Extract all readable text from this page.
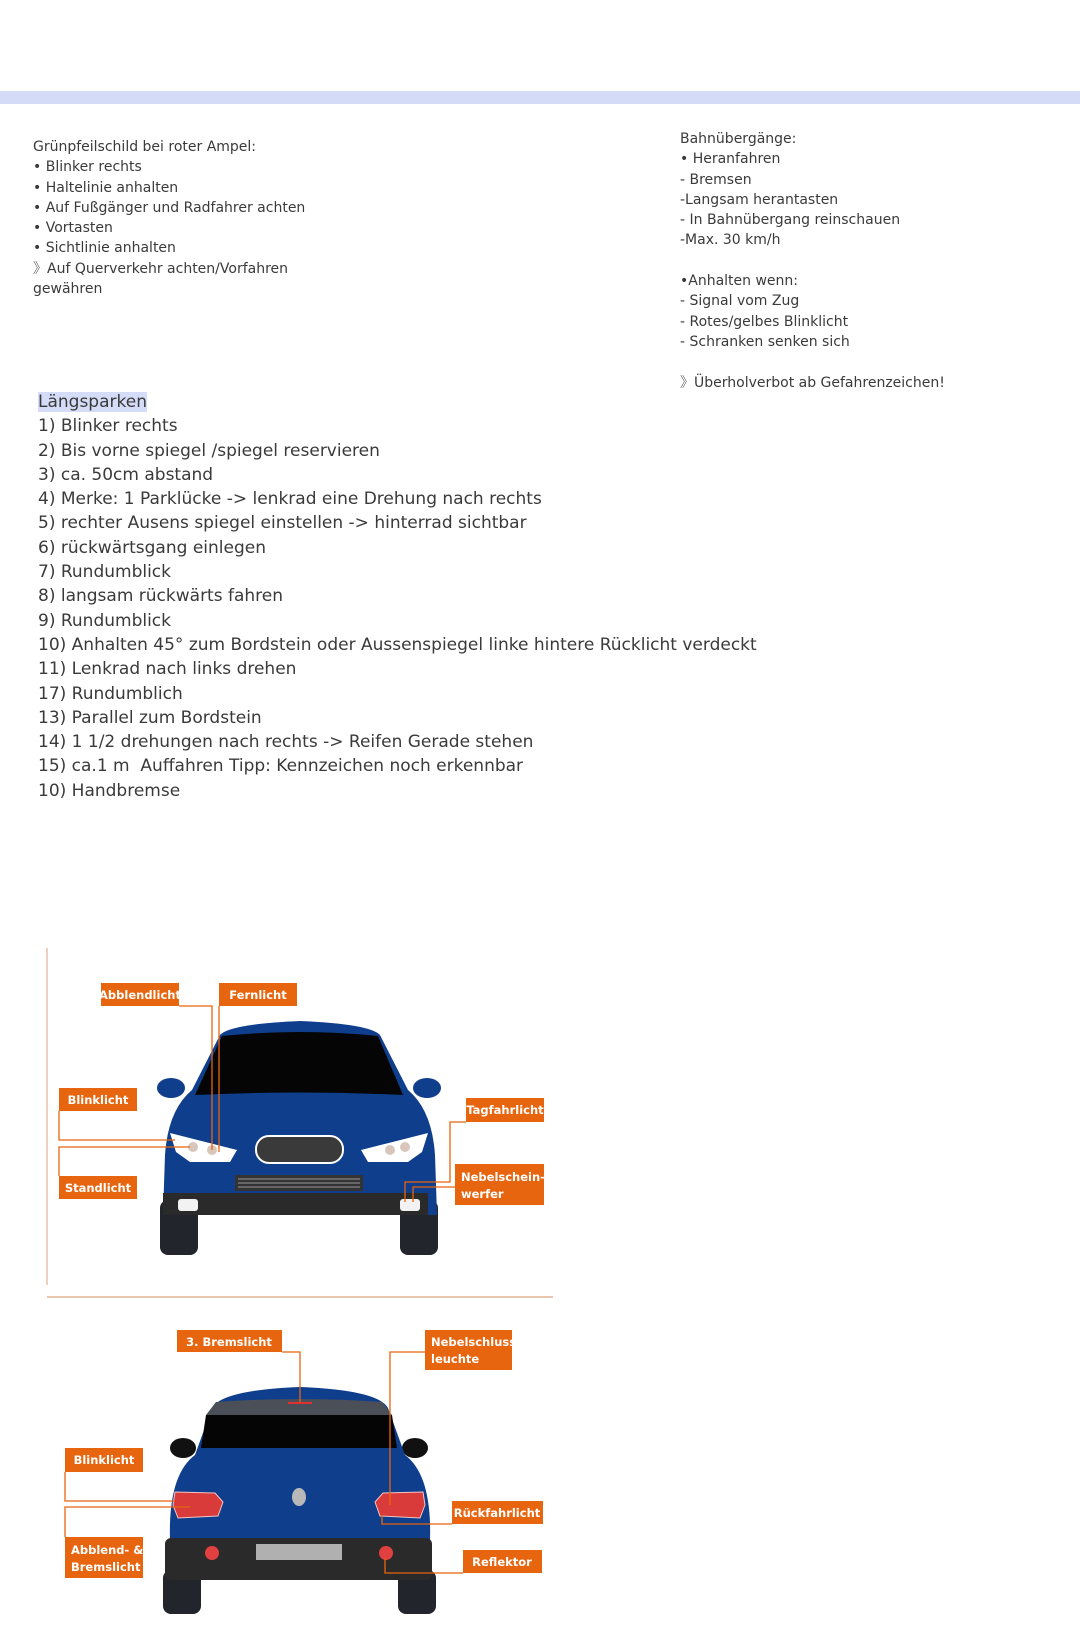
Grünpfeilschild bei roter Ampel:
• Blinker rechts
• Haltelinie anhalten
• Auf Fußgänger und Radfahrer achten
• Vortasten
• Sichtlinie anhalten
》Auf Querverkehr achten/Vorfahren
gewähren
Bahnübergänge:
• Heranfahren
- Bremsen
-Langsam herantasten
- In Bahnübergang reinschauen
-Max. 30 km/h
•Anhalten wenn:
- Signal vom Zug
- Rotes/gelbes Blinklicht
- Schranken senken sich
》Überholverbot ab Gefahrenzeichen!
Längsparken
1) Blinker rechts
2) Bis vorne spiegel /spiegel reservieren
3) ca. 50cm abstand
4) Merke: 1 Parklücke -> lenkrad eine Drehung nach rechts
5) rechter Ausens spiegel einstellen -> hinterrad sichtbar
6) rückwärtsgang einlegen
7) Rundumblick
8) langsam rückwärts fahren
9) Rundumblick
10) Anhalten 45° zum Bordstein oder Aussenspiegel linke hintere Rücklicht verdeckt
11) Lenkrad nach links drehen
17) Rundumblich
13) Parallel zum Bordstein
14) 1 1/2 drehungen nach rechts -> Reifen Gerade stehen
15) ca.1 m  Auffahren Tipp: Kennzeichen noch erkennbar
10) Handbremse
Abblendlicht	Fernlicht
Blinklicht
Standlicht
Tagfahrlicht
Nebelschein-
werfer
3. Bremslicht	Nebelschluss-
leuchte
Blinklicht
Abblend- &
Bremslicht
Rückfahrlicht
Reflektor
